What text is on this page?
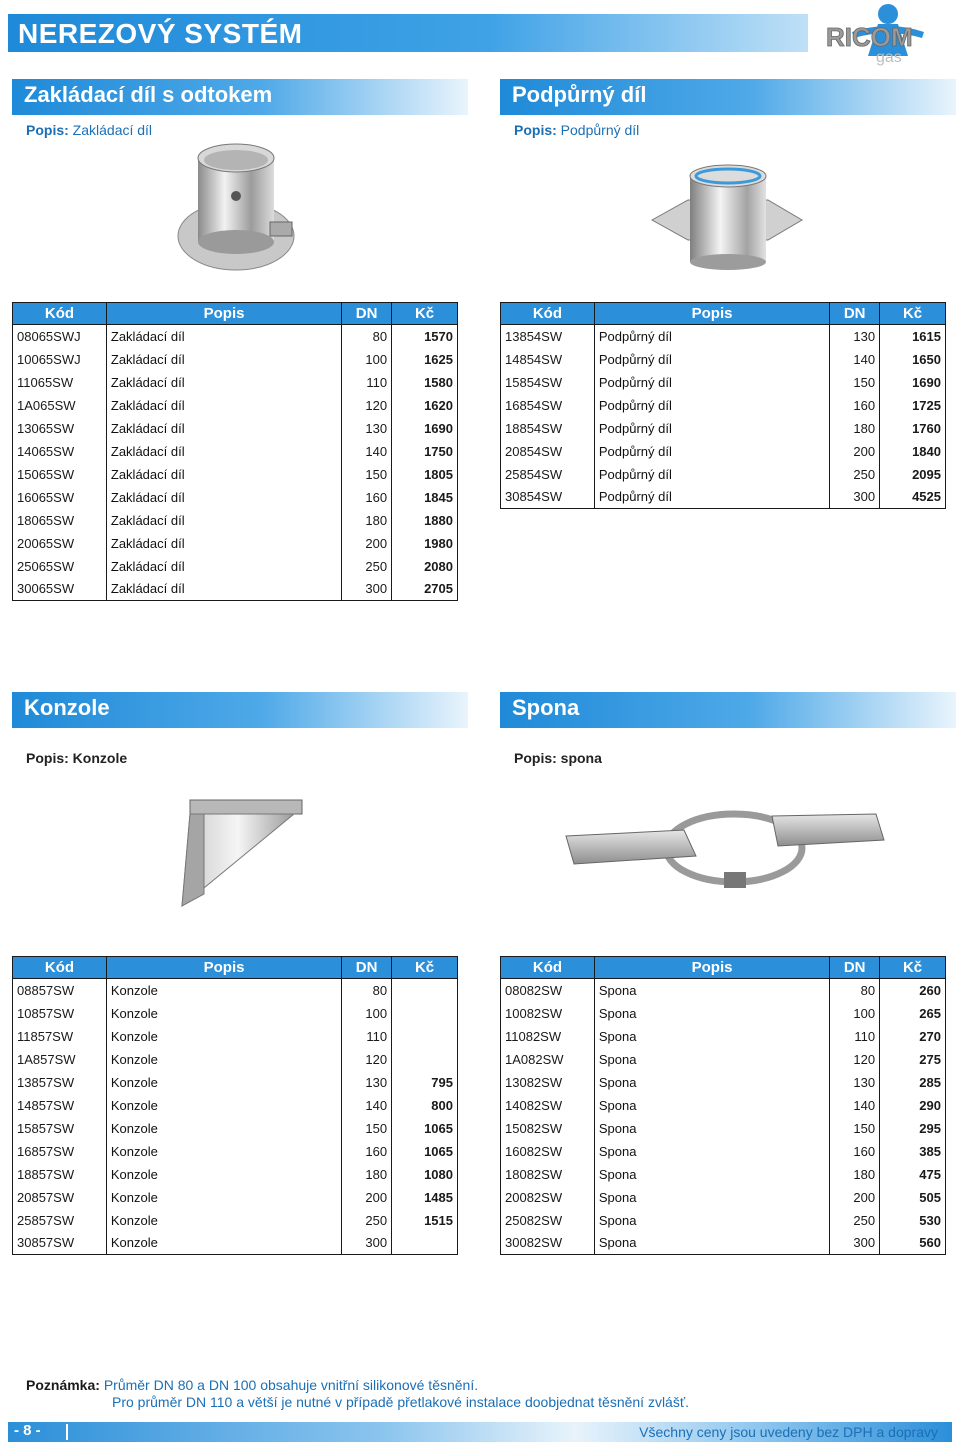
NEREZOVÝ SYSTÉM	RICOM
gas
Zakládací díl s odtokem
Popis: Zakládací díl
Podpůrný díl
Popis: Podpůrný díl
Kód	Popis	DN	Kč
08065SWJ	Zakládací díl	80	1570
10065SWJ	Zakládací díl	100	1625
11065SW	Zakládací díl	110	1580
1A065SW	Zakládací díl	120	1620
13065SW	Zakládací díl	130	1690
14065SW	Zakládací díl	140	1750
15065SW	Zakládací díl	150	1805
16065SW	Zakládací díl	160	1845
18065SW	Zakládací díl	180	1880
20065SW	Zakládací díl	200	1980
25065SW	Zakládací díl	250	2080
30065SW	Zakládací díl	300	2705
Kód	Popis	DN	Kč
13854SW	Podpůrný díl	130	1615
14854SW	Podpůrný díl	140	1650
15854SW	Podpůrný díl	150	1690
16854SW	Podpůrný díl	160	1725
18854SW	Podpůrný díl	180	1760
20854SW	Podpůrný díl	200	1840
25854SW	Podpůrný díl	250	2095
30854SW	Podpůrný díl	300	4525
Konzole
Popis: Konzole
Spona
Popis: spona
Kód	Popis	DN	Kč
08857SW	Konzole	80	
10857SW	Konzole	100	
11857SW	Konzole	110	
1A857SW	Konzole	120	
13857SW	Konzole	130	795
14857SW	Konzole	140	800
15857SW	Konzole	150	1065
16857SW	Konzole	160	1065
18857SW	Konzole	180	1080
20857SW	Konzole	200	1485
25857SW	Konzole	250	1515
30857SW	Konzole	300	
Kód	Popis	DN	Kč
08082SW	Spona	80	260
10082SW	Spona	100	265
11082SW	Spona	110	270
1A082SW	Spona	120	275
13082SW	Spona	130	285
14082SW	Spona	140	290
15082SW	Spona	150	295
16082SW	Spona	160	385
18082SW	Spona	180	475
20082SW	Spona	200	505
25082SW	Spona	250	530
30082SW	Spona	300	560
Poznámka: Průměr DN 80 a DN 100 obsahuje vnitřní silikonové těsnění.
Pro průměr DN 110 a větší je nutné v případě přetlakové instalace doobjednat těsnění zvlášť.
- 8 -	Všechny ceny jsou uvedeny bez DPH a dopravy
